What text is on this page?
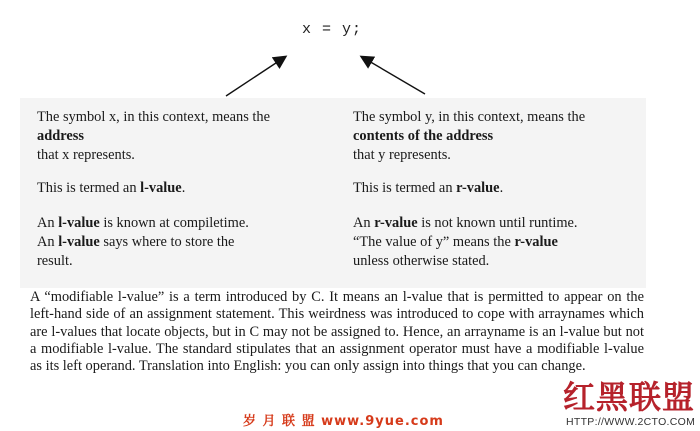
x = y;

The symbol x, in this context, means the
address
that x represents.

This is termed an l-value.

An l-value is known at compiletime.
An l-value says where to store the
result.

The symbol y, in this context, means the
contents of the address
that y represents.

This is termed an r-value.

An r-value is not known until runtime.
“The value of y” means the r-value
unless otherwise stated.

A “modifiable l-value” is a term introduced by C. It means an l-value that is permitted to appear on the left-hand side of an assignment statement. This weirdness was introduced to cope with arraynames which are l-values that locate objects, but in C may not be assigned to. Hence, an arrayname is an l-value but not a modifiable l-value. The standard stipulates that an assignment operator must have a modifiable l-value as its left operand. Translation into English: you can only assign into things that you can change.
岁 月 联 盟 www.9yue.com
红黑联盟
HTTP://WWW.2CTO.COM
